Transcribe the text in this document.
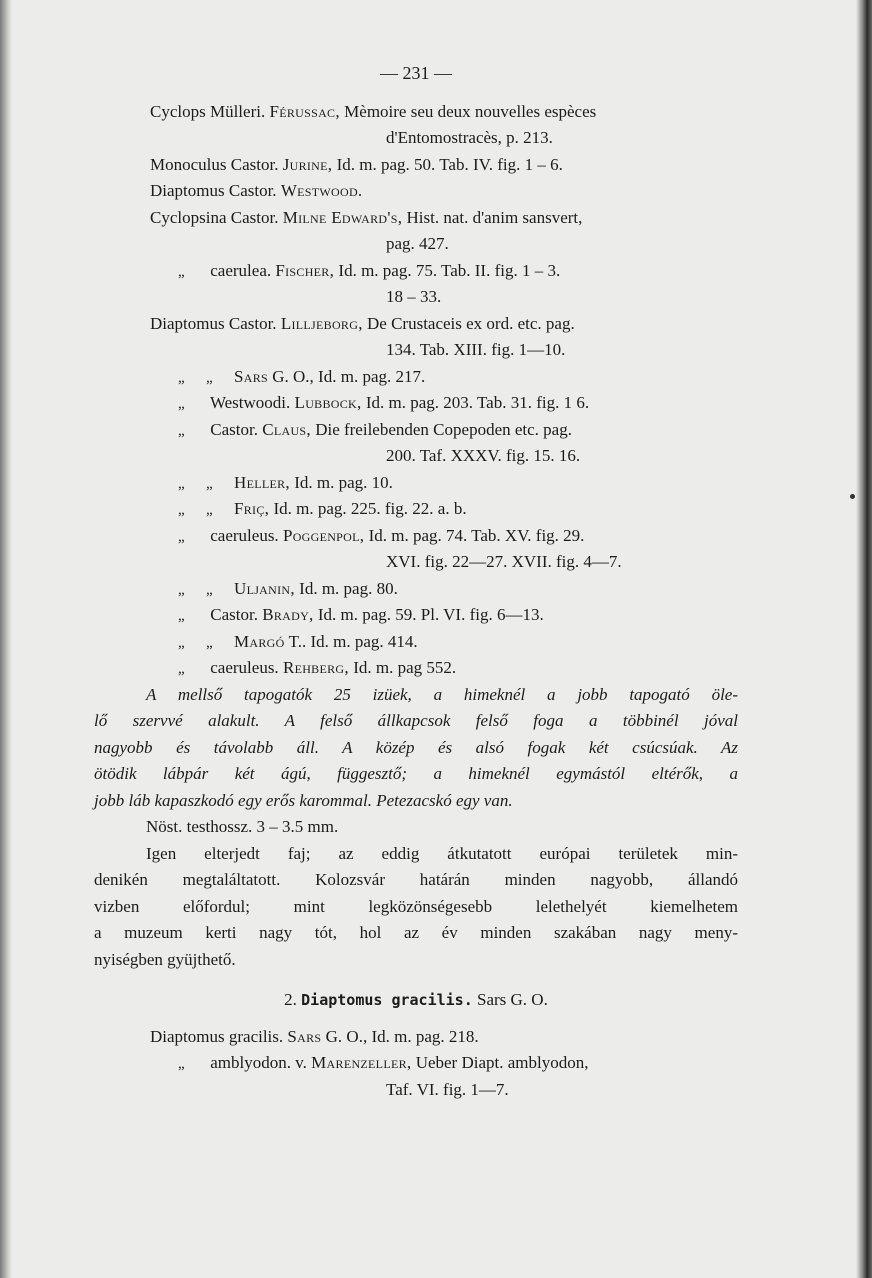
— 231 —
Cyclops Mülleri. Férussac, Mèmoire seu deux nouvelles espèces
d'Entomostracès, p. 213.
Monoculus Castor. Jurine, Id. m. pag. 50. Tab. IV. fig. 1 – 6.
Diaptomus Castor. Westwood.
Cyclopsina Castor. Milne Edward's, Hist. nat. d'anim sansvert,
pag. 427.
„ caerulea. Fischer, Id. m. pag. 75. Tab. II. fig. 1 – 3.
18 – 33.
Diaptomus Castor. Lilljeborg, De Crustaceis ex ord. etc. pag.
134. Tab. XIII. fig. 1—10.
„ „ Sars G. O., Id. m. pag. 217.
„ Westwoodi. Lubbock, Id. m. pag. 203. Tab. 31. fig. 1 6.
„ Castor. Claus, Die freilebenden Copepoden etc. pag.
200. Taf. XXXV. fig. 15. 16.
„ „ Heller, Id. m. pag. 10.
„ „ Friç, Id. m. pag. 225. fig. 22. a. b.
„ caeruleus. Poggenpol, Id. m. pag. 74. Tab. XV. fig. 29.
XVI. fig. 22—27. XVII. fig. 4—7.
„ „ Uljanin, Id. m. pag. 80.
„ Castor. Brady, Id. m. pag. 59. Pl. VI. fig. 6—13.
„ „ Margó T.. Id. m. pag. 414.
„ caeruleus. Rehberg, Id. m. pag 552.
A mellső tapogatók 25 izüek, a himeknél a jobb tapogató öle-
lő szervvé alakult. A felső állkapcsok felső foga a többinél jóval
nagyobb és távolabb áll. A közép és alsó fogak két csúcsúak. Az
ötödik lábpár két ágú, függesztő; a himeknél egymástól eltérők, a
jobb láb kapaszkodó egy erős karommal. Petezacskó egy van.
Nöst. testhossz. 3 – 3.5 mm.
Igen elterjedt faj; az eddig átkutatott európai területek min-
denikén megtaláltatott. Kolozsvár határán minden nagyobb, állandó
vizben előfordul; mint legközönségesebb lelethelyét kiemelhetem
a muzeum kerti nagy tót, hol az év minden szakában nagy meny-
nyiségben gyüjthető.
2. Diaptomus gracilis. Sars G. O.
Diaptomus gracilis. Sars G. O., Id. m. pag. 218.
„ amblyodon. v. Marenzeller, Ueber Diapt. amblyodon,
Taf. VI. fig. 1—7.
